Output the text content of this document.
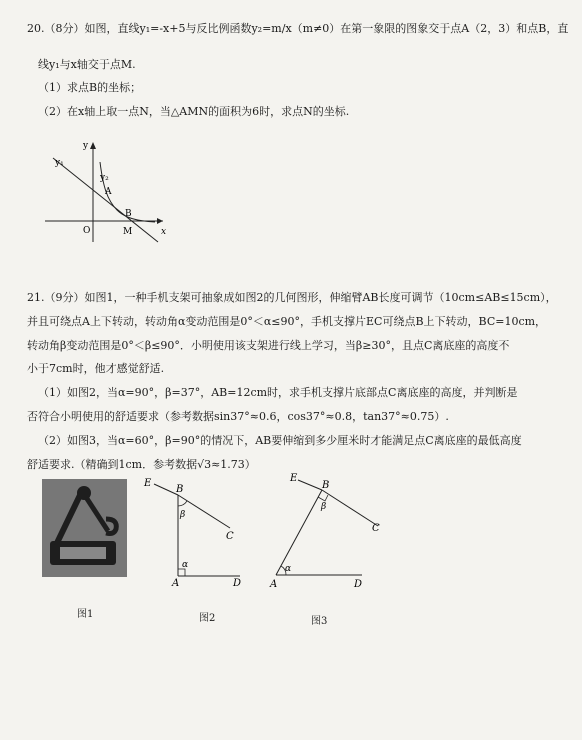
20.（8分）如图，直线y₁=-x+5与反比例函数y₂=m/x（m≠0）在第一象限的图象交于点A（2，3）和点B，直
线y₁与x轴交于点M.
（1）求点B的坐标；
（2）在x轴上取一点N，当△AMN的面积为6时，求点N的坐标.
y
x
O
y₁
y₂
A
B
M
21.（9分）如图1，一种手机支架可抽象成如图2的几何图形，伸缩臂AB长度可调节（10cm≤AB≤15cm），
并且可绕点A上下转动，转动角α变动范围是0°＜α≤90°，手机支撑片EC可绕点B上下转动，BC=10cm，
转动角β变动范围是0°＜β≤90°．小明使用该支架进行线上学习，当β≥30°，且点C离底座的高度不
小于7cm时，他才感觉舒适.
（1）如图2，当α=90°，β=37°，AB=12cm时，求手机支撑片底部点C离底座的高度，并判断是
否符合小明使用的舒适要求（参考数据sin37°≈0.6，cos37°≈0.8，tan37°≈0.75）.
（2）如图3，当α=60°，β=90°的情况下，AB要伸缩到多少厘米时才能满足点C离底座的最低高度
舒适要求.（精确到1cm．参考数据√3≈1.73）
E
B
β
C
α
A	D
E
B
β
C
α
A	D
图1	图2	图3
